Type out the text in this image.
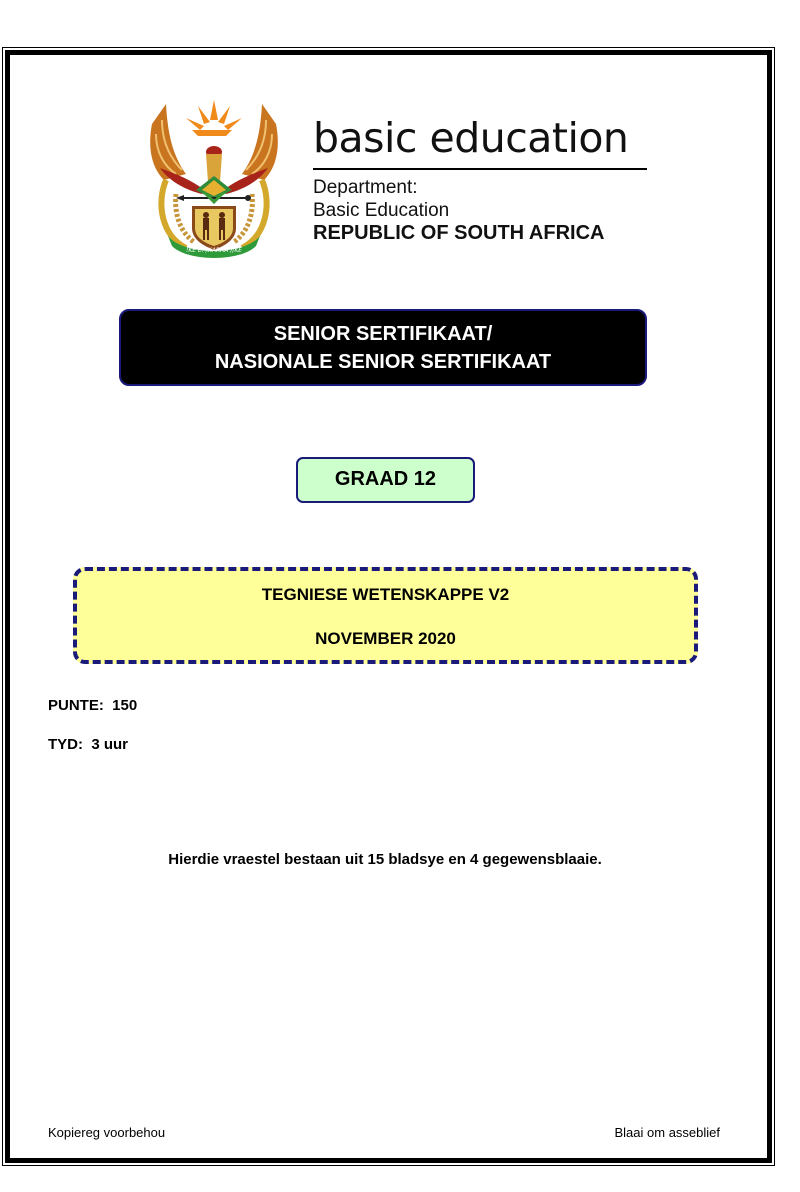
!KE E: /XARRA //KE
basic education
Department:
Basic Education
REPUBLIC OF SOUTH AFRICA
SENIOR SERTIFIKAAT/
NASIONALE SENIOR SERTIFIKAAT
GRAAD 12
TEGNIESE WETENSKAPPE V2
NOVEMBER 2020
PUNTE:  150
TYD:  3 uur
Hierdie vraestel bestaan uit 15 bladsye en 4 gegewensblaaie.
Kopiereg voorbehou	Blaai om asseblief
